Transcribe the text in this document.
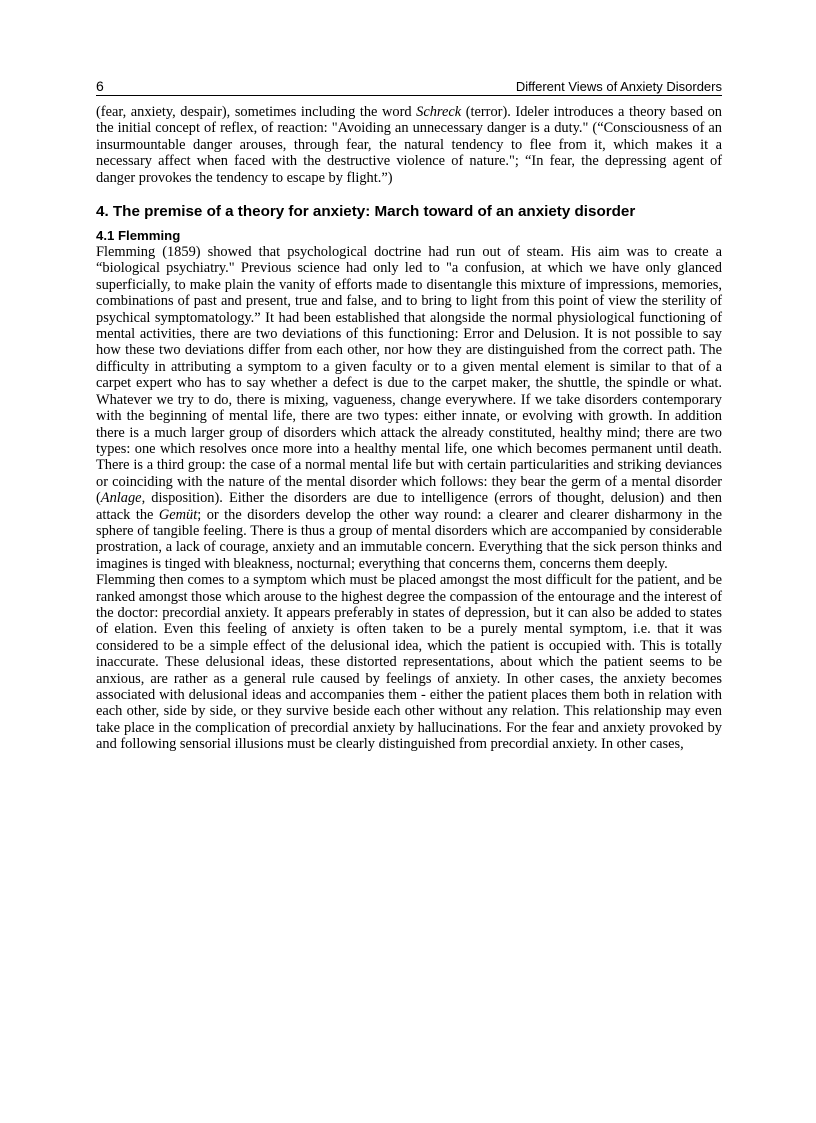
6	Different Views of Anxiety Disorders

(fear, anxiety, despair), sometimes including the word Schreck (terror). Ideler introduces a theory based on the initial concept of reflex, of reaction: "Avoiding an unnecessary danger is a duty." (“Consciousness of an insurmountable danger arouses, through fear, the natural tendency to flee from it, which makes it a necessary affect when faced with the destructive violence of nature."; “In fear, the depressing agent of danger provokes the tendency to escape by flight.”)

4. The premise of a theory for anxiety: March toward of an anxiety disorder
4.1 Flemming

Flemming (1859) showed that psychological doctrine had run out of steam. His aim was to create a “biological psychiatry." Previous science had only led to "a confusion, at which we have only glanced superficially, to make plain the vanity of efforts made to disentangle this mixture of impressions, memories, combinations of past and present, true and false, and to bring to light from this point of view the sterility of psychical symptomatology.” It had been established that alongside the normal physiological functioning of mental activities, there are two deviations of this functioning: Error and Delusion. It is not possible to say how these two deviations differ from each other, nor how they are distinguished from the correct path. The difficulty in attributing a symptom to a given faculty or to a given mental element is similar to that of a carpet expert who has to say whether a defect is due to the carpet maker, the shuttle, the spindle or what. Whatever we try to do, there is mixing, vagueness, change everywhere. If we take disorders contemporary with the beginning of mental life, there are two types: either innate, or evolving with growth. In addition there is a much larger group of disorders which attack the already constituted, healthy mind; there are two types: one which resolves once more into a healthy mental life, one which becomes permanent until death. There is a third group: the case of a normal mental life but with certain particularities and striking deviances or coinciding with the nature of the mental disorder which follows: they bear the germ of a mental disorder (Anlage, disposition). Either the disorders are due to intelligence (errors of thought, delusion) and then attack the Gemüt; or the disorders develop the other way round: a clearer and clearer disharmony in the sphere of tangible feeling. There is thus a group of mental disorders which are accompanied by considerable prostration, a lack of courage, anxiety and an immutable concern. Everything that the sick person thinks and imagines is tinged with bleakness, nocturnal; everything that concerns them, concerns them deeply.

Flemming then comes to a symptom which must be placed amongst the most difficult for the patient, and be ranked amongst those which arouse to the highest degree the compassion of the entourage and the interest of the doctor: precordial anxiety. It appears preferably in states of depression, but it can also be added to states of elation. Even this feeling of anxiety is often taken to be a purely mental symptom, i.e. that it was considered to be a simple effect of the delusional idea, which the patient is occupied with. This is totally inaccurate. These delusional ideas, these distorted representations, about which the patient seems to be anxious, are rather as a general rule caused by feelings of anxiety. In other cases, the anxiety becomes associated with delusional ideas and accompanies them - either the patient places them both in relation with each other, side by side, or they survive beside each other without any relation. This relationship may even take place in the complication of precordial anxiety by hallucinations. For the fear and anxiety provoked by and following sensorial illusions must be clearly distinguished from precordial anxiety. In other cases,
